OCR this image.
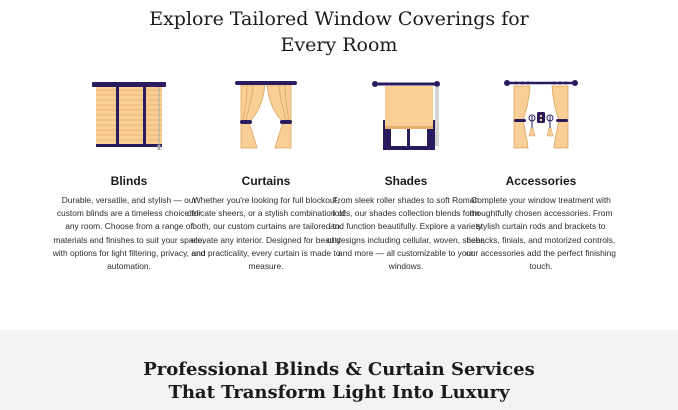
Explore Tailored Window Coverings for
Every Room
Blinds
Durable, versatile, and stylish — our custom blinds are a timeless choice for any room. Choose from a range of materials and finishes to suit your space, with options for light filtering, privacy, and automation.
Curtains
Whether you're looking for full blockout, delicate sheers, or a stylish combination of both, our custom curtains are tailored to elevate any interior. Designed for beauty and practicality, every curtain is made to measure.
Shades
From sleek roller shades to soft Roman folds, our shades collection blends form and function beautifully. Explore a variety of designs including cellular, woven, sheer, and more — all customizable to your windows.
Accessories
Complete your window treatment with thoughtfully chosen accessories. From stylish curtain rods and brackets to tiebacks, finials, and motorized controls, our accessories add the perfect finishing touch.
Professional Blinds & Curtain Services
That Transform Light Into Luxury
